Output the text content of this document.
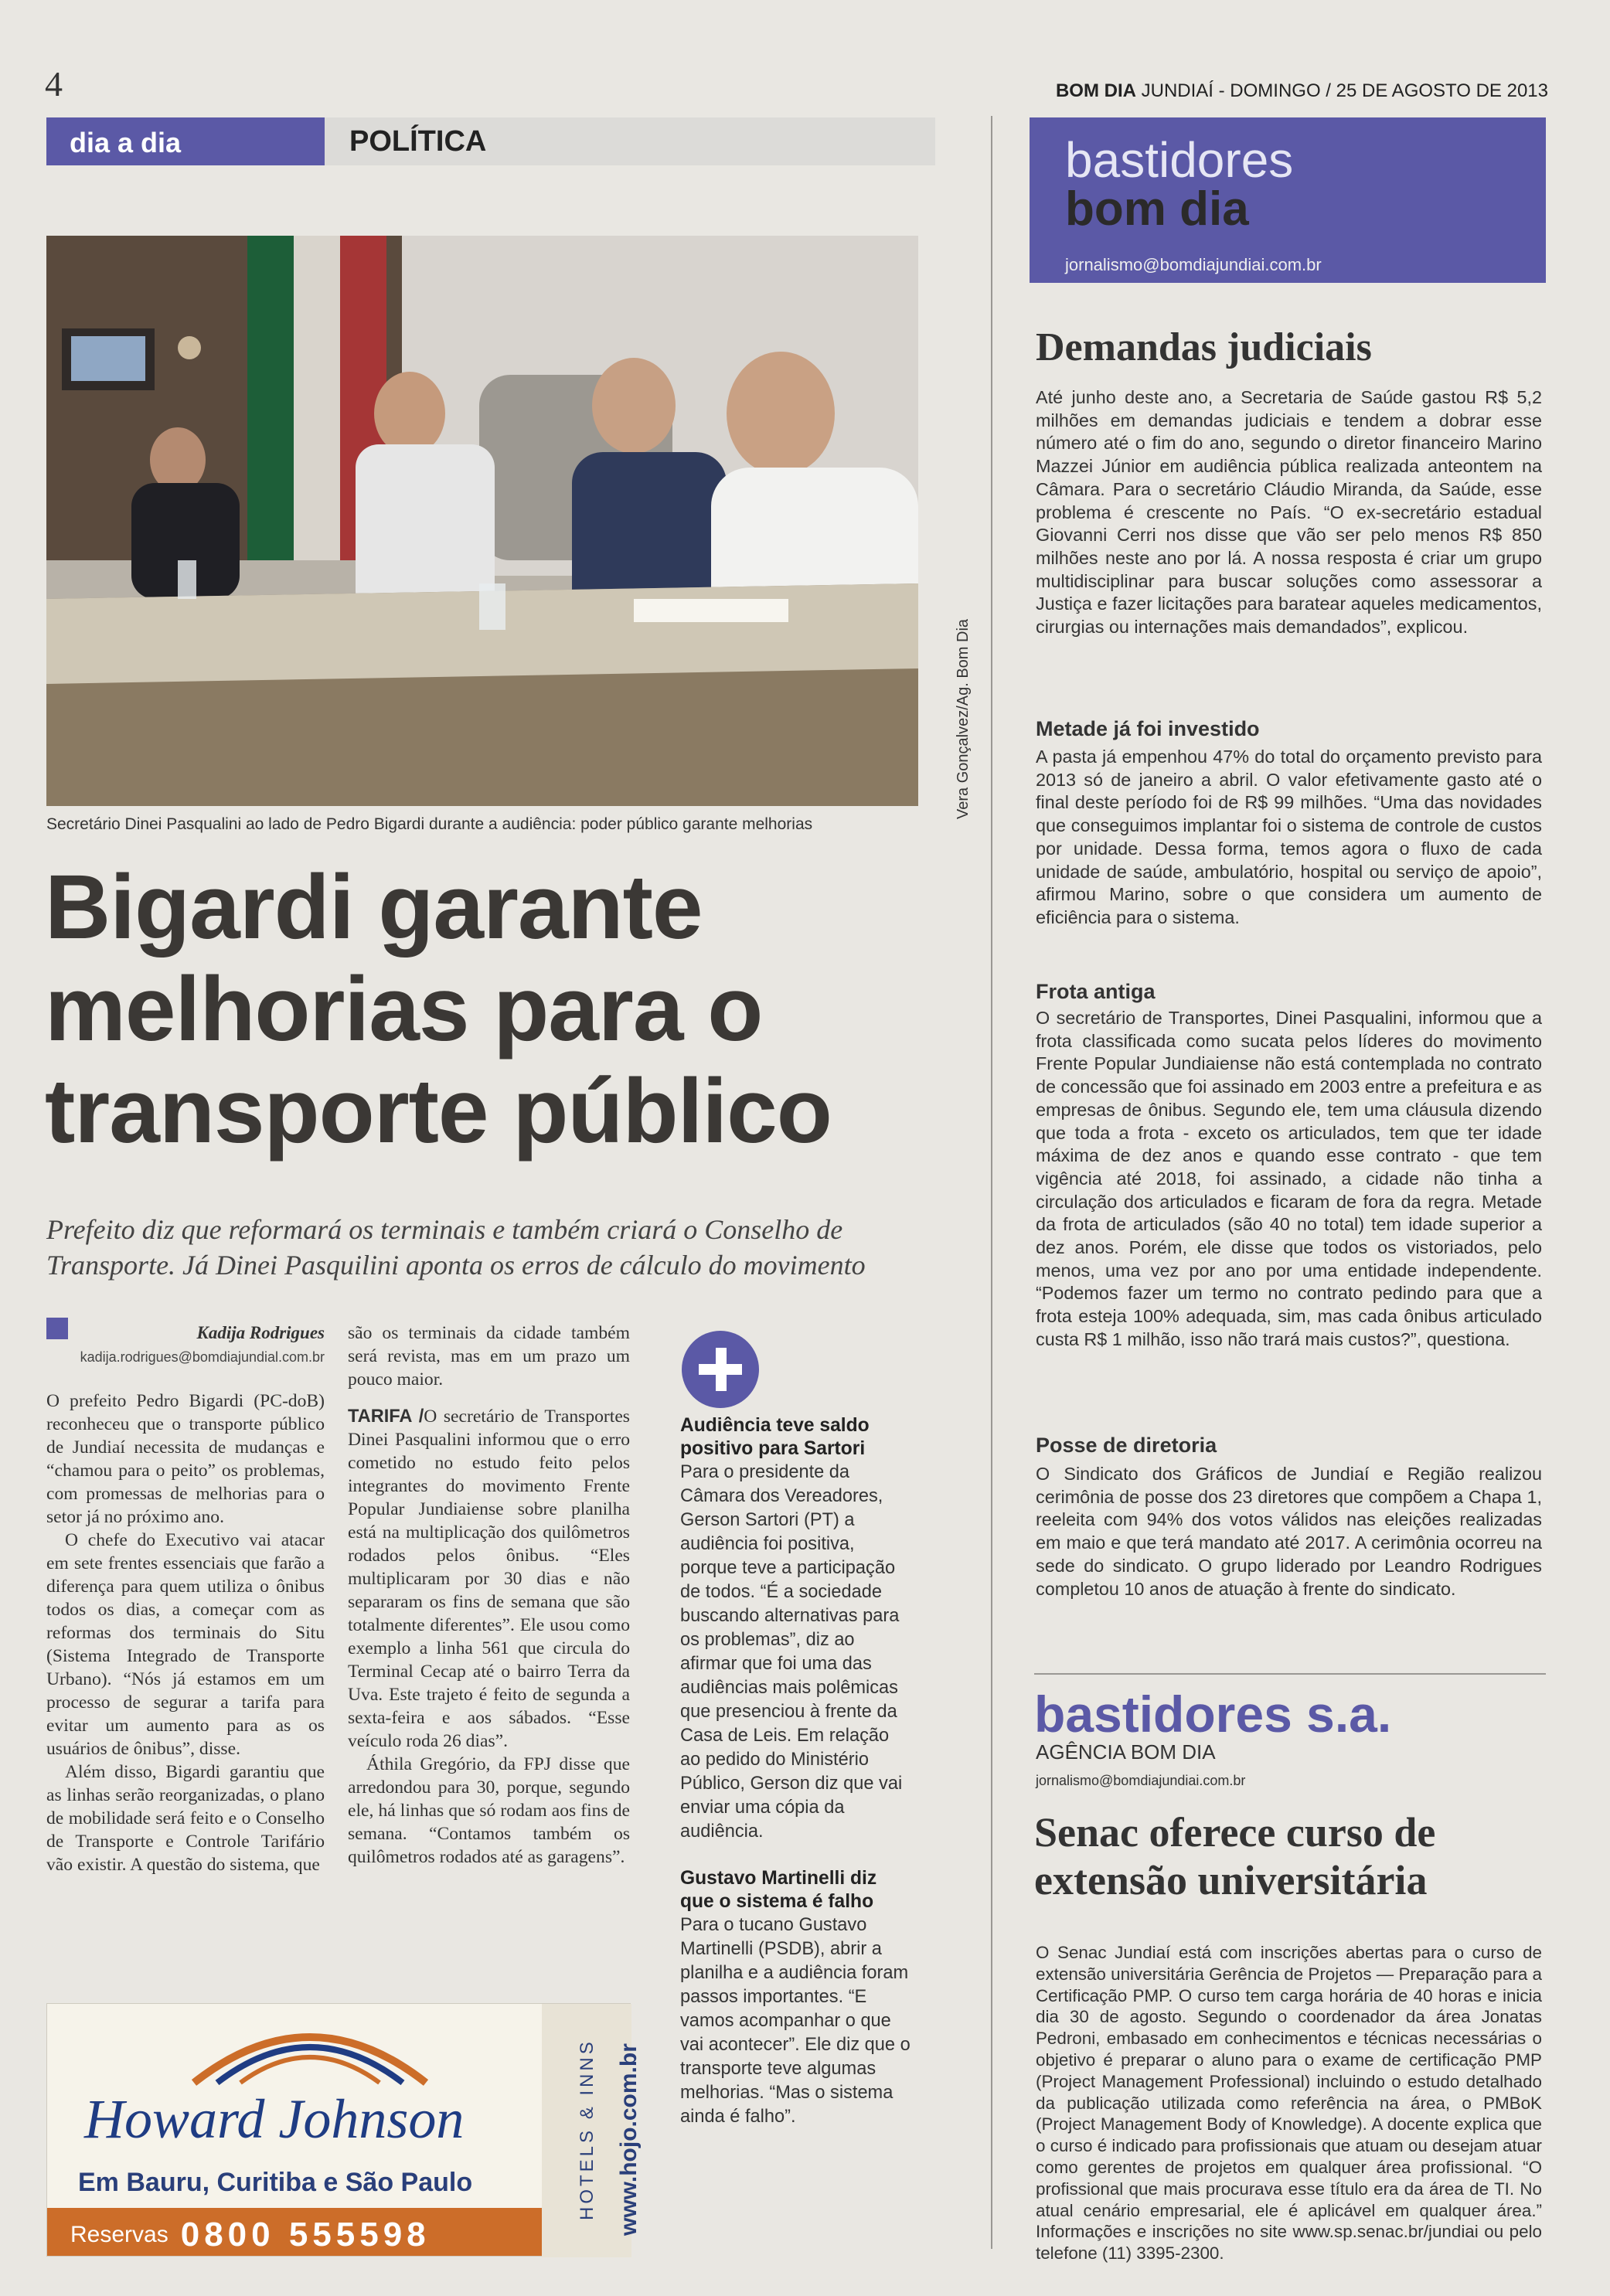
4	BOM DIA JUNDIAÍ - DOMINGO / 25 DE AGOSTO DE 2013
dia a dia	POLÍTICA
Vera Gonçalvez/Ag. Bom Dia
Secretário Dinei Pasqualini ao lado de Pedro Bigardi durante a audiência: poder público garante melhorias
Bigardi garante
melhorias para o
transporte público
Prefeito diz que reformará os terminais e também criará o Conselho de
Transporte. Já Dinei Pasquilini aponta os erros de cálculo do movimento
Kadija Rodrigues
kadija.rodrigues@bomdiajundial.com.br

O prefeito Pedro Bigardi (PC-doB) reconheceu que o transporte público de Jundiaí necessita de mudanças e “chamou para o peito” os problemas, com promessas de melhorias para o setor já no próximo ano.

O chefe do Executivo vai atacar em sete frentes essenciais que farão a diferença para quem utiliza o ônibus todos os dias, a começar com as reformas dos terminais do Situ (Sistema Integrado de Transporte Urbano). “Nós já estamos em um processo de segurar a tarifa para evitar um aumento para as os usuários de ônibus”, disse.

Além disso, Bigardi garantiu que as linhas serão reorganizadas, o plano de mobilidade será feito e o Conselho de Transporte e Controle Tarifário vão existir. A questão do sistema, que

são os terminais da cidade também será revista, mas em um prazo um pouco maior.

TARIFA /O secretário de Transportes Dinei Pasqualini informou que o erro cometido no estudo feito pelos integrantes do movimento Frente Popular Jundiaiense sobre planilha está na multiplicação dos quilômetros rodados pelos ônibus. “Eles multiplicaram por 30 dias e não separaram os fins de semana que são totalmente diferentes”. Ele usou como exemplo a linha 561 que circula do Terminal Cecap até o bairro Terra da Uva. Este trajeto é feito de segunda a sexta-feira e aos sábados. “Esse veículo roda 26 dias”.

Áthila Gregório, da FPJ disse que arredondou para 30, porque, segundo ele, há linhas que só rodam aos fins de semana. “Contamos também os quilômetros rodados até as garagens”.

Audiência teve saldo positivo para Sartori

Para o presidente da Câmara dos Vereadores, Gerson Sartori (PT) a audiência foi positiva, porque teve a participação de todos. “É a sociedade buscando alternativas para os problemas”, diz ao afirmar que foi uma das audiências mais polêmicas que presenciou à frente da Casa de Leis. Em relação ao pedido do Ministério Público, Gerson diz que vai enviar uma cópia da audiência.

Gustavo Martinelli diz que o sistema é falho

Para o tucano Gustavo Martinelli (PSDB), abrir a planilha e a audiência foram passos importantes. “E vamos acompanhar o que vai acontecer”. Ele diz que o transporte teve algumas melhorias. “Mas o sistema ainda é falho”.

Howard Johnson
Em Bauru, Curitiba e São Paulo
Reservas 0800 555598
HOTELS & INNS www.hojo.com.br
bastidores
bom dia
jornalismo@bomdiajundiai.com.br
Demandas judiciais
Até junho deste ano, a Secretaria de Saúde gastou R$ 5,2 milhões em demandas judiciais e tendem a dobrar esse número até o fim do ano, segundo o diretor financeiro Marino Mazzei Júnior em audiência pública realizada anteontem na Câmara. Para o secretário Cláudio Miranda, da Saúde, esse problema é crescente no País. “O ex-secretário estadual Giovanni Cerri nos disse que vão ser pelo menos R$ 850 milhões neste ano por lá. A nossa resposta é criar um grupo multidisciplinar para buscar soluções como assessorar a Justiça e fazer licitações para baratear aqueles medicamentos, cirurgias ou internações mais demandados”, explicou.
Metade já foi investido
A pasta já empenhou 47% do total do orçamento previsto para 2013 só de janeiro a abril. O valor efetivamente gasto até o final deste período foi de R$ 99 milhões. “Uma das novidades que conseguimos implantar foi o sistema de controle de custos por unidade. Dessa forma, temos agora o fluxo de cada unidade de saúde, ambulatório, hospital ou serviço de apoio”, afirmou Marino, sobre o que considera um aumento de eficiência para o sistema.
Frota antiga
O secretário de Transportes, Dinei Pasqualini, informou que a frota classificada como sucata pelos líderes do movimento Frente Popular Jundiaiense não está contemplada no contrato de concessão que foi assinado em 2003 entre a prefeitura e as empresas de ônibus. Segundo ele, tem uma cláusula dizendo que toda a frota - exceto os articulados, tem que ter idade máxima de dez anos e quando esse contrato - que tem vigência até 2018, foi assinado, a cidade não tinha a circulação dos articulados e ficaram de fora da regra. Metade da frota de articulados (são 40 no total) tem idade superior a dez anos. Porém, ele disse que todos os vistoriados, pelo menos, uma vez por ano por uma entidade independente. “Podemos fazer um termo no contrato pedindo para que a frota esteja 100% adequada, sim, mas cada ônibus articulado custa R$ 1 milhão, isso não trará mais custos?”, questiona.
Posse de diretoria
O Sindicato dos Gráficos de Jundiaí e Região realizou cerimônia de posse dos 23 diretores que compõem a Chapa 1, reeleita com 94% dos votos válidos nas eleições realizadas em maio e que terá mandato até 2017. A cerimônia ocorreu na sede do sindicato. O grupo liderado por Leandro Rodrigues completou 10 anos de atuação à frente do sindicato.
bastidores s.a.
AGÊNCIA BOM DIA
jornalismo@bomdiajundiai.com.br
Senac oferece curso de
extensão universitária
O Senac Jundiaí está com inscrições abertas para o curso de extensão universitária Gerência de Projetos — Preparação para a Certificação PMP. O curso tem carga horária de 40 horas e inicia dia 30 de agosto. Segundo o coordenador da área Jonatas Pedroni, embasado em conhecimentos e técnicas necessárias o objetivo é preparar o aluno para o exame de certificação PMP (Project Management Professional) incluindo o estudo detalhado da publicação utilizada como referência na área, o PMBoK (Project Management Body of Knowledge). A docente explica que o curso é indicado para profissionais que atuam ou desejam atuar como gerentes de projetos em qualquer área profissional. “O profissional que mais procurava esse título era da área de TI. No atual cenário empresarial, ele é aplicável em qualquer área.” Informações e inscrições no site www.sp.senac.br/jundiai ou pelo telefone (11) 3395-2300.
